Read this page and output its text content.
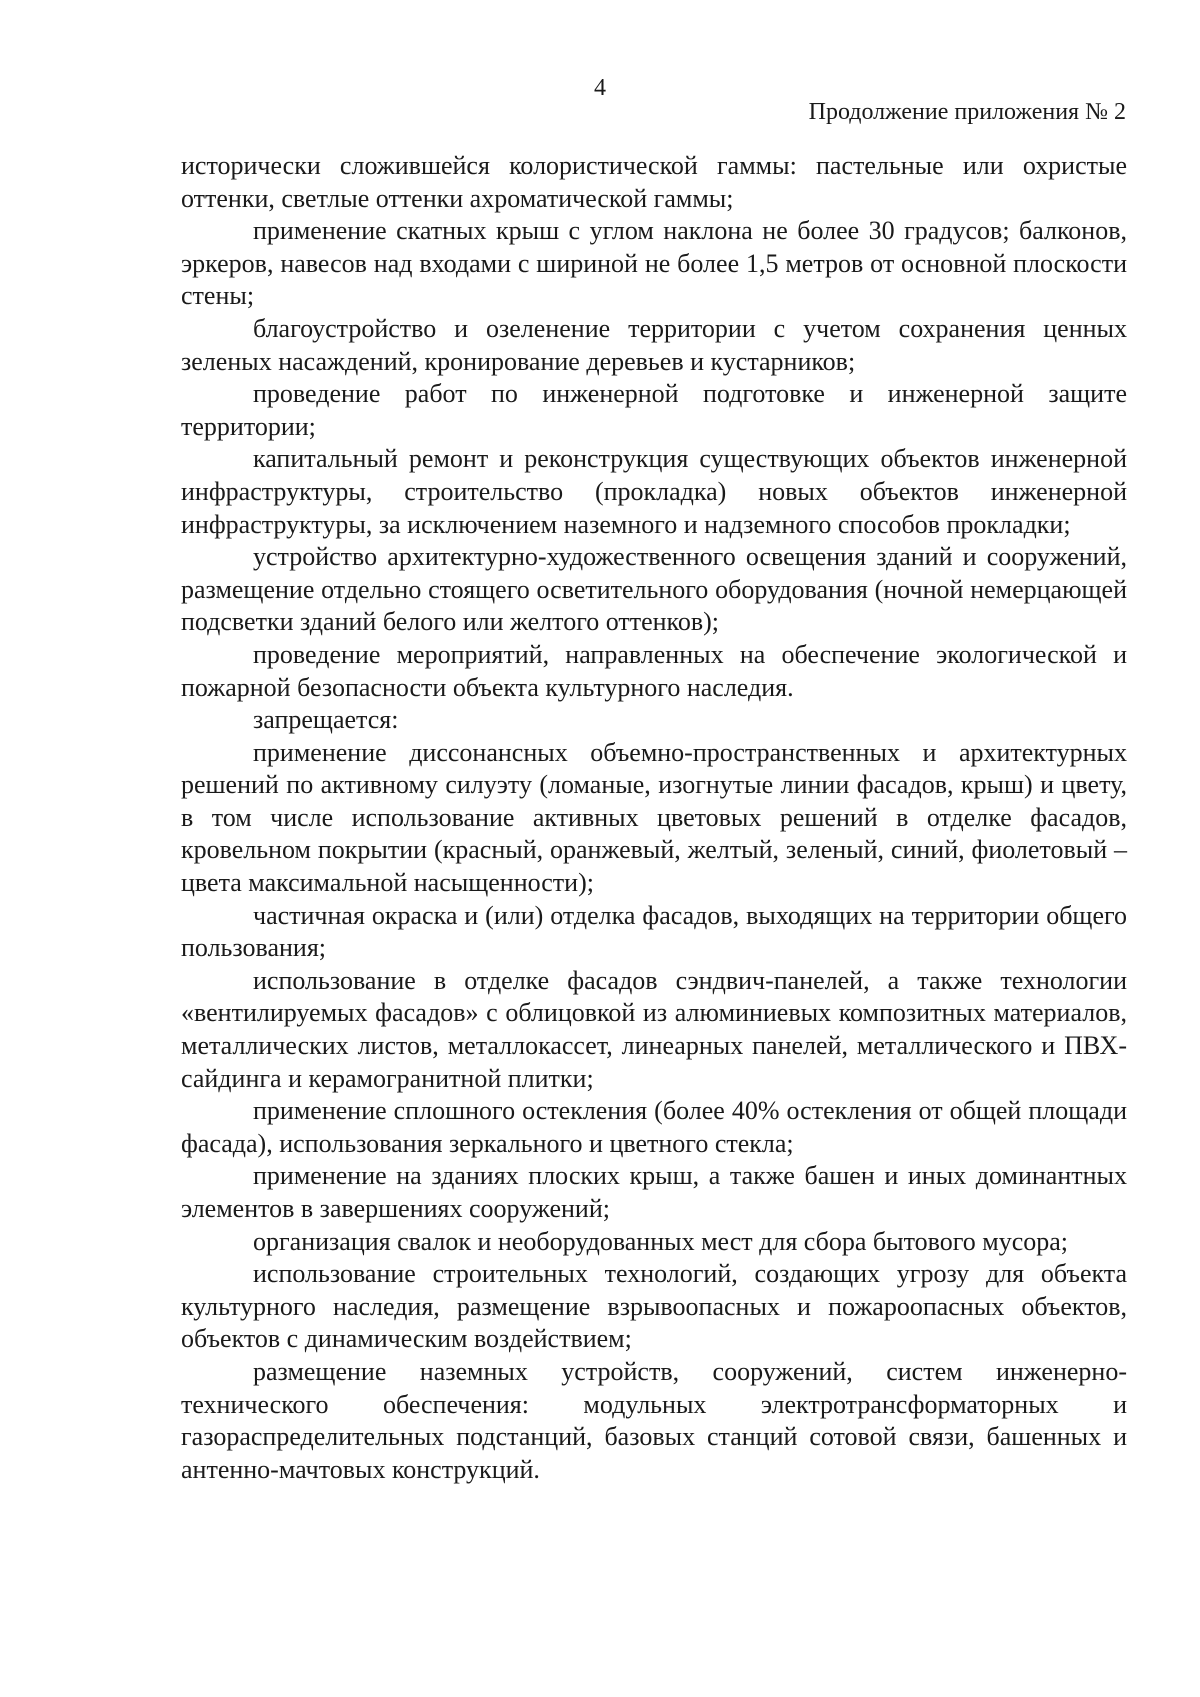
4
Продолжение приложения № 2

исторически сложившейся колористической гаммы: пастельные или охристые оттенки, светлые оттенки ахроматической гаммы;

применение скатных крыш с углом наклона не более 30 градусов; балконов, эркеров, навесов над входами с шириной не более 1,5 метров от основной плоскости стены;

благоустройство и озеленение территории с учетом сохранения ценных зеленых насаждений, кронирование деревьев и кустарников;

проведение работ по инженерной подготовке и инженерной защите территории;

капитальный ремонт и реконструкция существующих объектов инженерной инфраструктуры, строительство (прокладка) новых объектов инженерной инфраструктуры, за исключением наземного и надземного способов прокладки;

устройство архитектурно-художественного освещения зданий и сооружений, размещение отдельно стоящего осветительного оборудования (ночной немерцающей подсветки зданий белого или желтого оттенков);

проведение мероприятий, направленных на обеспечение экологической и пожарной безопасности объекта культурного наследия.

запрещается:

применение диссонансных объемно-пространственных и архитектурных решений по активному силуэту (ломаные, изогнутые линии фасадов, крыш) и цвету, в том числе использование активных цветовых решений в отделке фасадов, кровельном покрытии (красный, оранжевый, желтый, зеленый, синий, фиолетовый – цвета максимальной насыщенности);

частичная окраска и (или) отделка фасадов, выходящих на территории общего пользования;

использование в отделке фасадов сэндвич-панелей, а также технологии «вентилируемых фасадов» с облицовкой из алюминиевых композитных материалов, металлических листов, металлокассет, линеарных панелей, металлического и ПВХ-сайдинга и керамогранитной плитки;

применение сплошного остекления (более 40% остекления от общей площади фасада), использования зеркального и цветного стекла;

применение на зданиях плоских крыш, а также башен и иных доминантных элементов в завершениях сооружений;

организация свалок и необорудованных мест для сбора бытового мусора;

использование строительных технологий, создающих угрозу для объекта культурного наследия, размещение взрывоопасных и пожароопасных объектов, объектов с динамическим воздействием;

размещение наземных устройств, сооружений, систем инженерно-технического обеспечения: модульных электротрансформаторных и газораспределительных подстанций, базовых станций сотовой связи, башенных и антенно-мачтовых конструкций.
